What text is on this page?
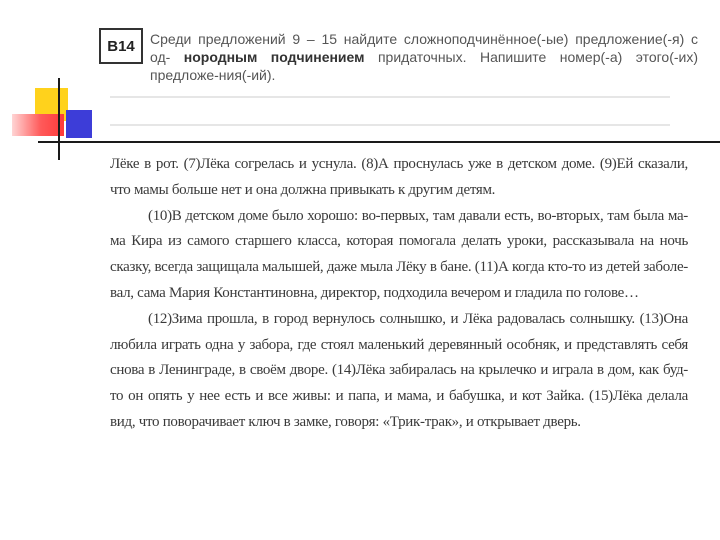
В14	Среди предложений 9 – 15 найдите сложноподчинённое(-ые) предложение(-я) с од- нородным подчинением придаточных. Напишите номер(-а) этого(-их) предложе-ния(-ий).

Лёке в рот. (7)Лёка согрелась и уснула. (8)А проснулась уже в детском доме. (9)Ей сказали, что мамы больше нет и она должна привыкать к другим детям.

(10)В детском доме было хорошо: во-первых, там давали есть, во-вторых, там была ма-ма Кира из самого старшего класса, которая помогала делать уроки, рассказывала на ночь сказку, всегда защищала малышей, даже мыла Лёку в бане. (11)А когда кто-то из детей заболе-вал, сама Мария Константиновна, директор, подходила вечером и гладила по голове…

(12)Зима прошла, в город вернулось солнышко, и Лёка радовалась солнышку. (13)Она любила играть одна у забора, где стоял маленький деревянный особняк, и представлять себя снова в Ленинграде, в своём дворе. (14)Лёка забиралась на крылечко и играла в дом, как буд-то он опять у нее есть и все живы: и папа, и мама, и бабушка, и кот Зайка. (15)Лёка делала вид, что поворачивает ключ в замке, говоря: «Трик-трак», и открывает дверь.
